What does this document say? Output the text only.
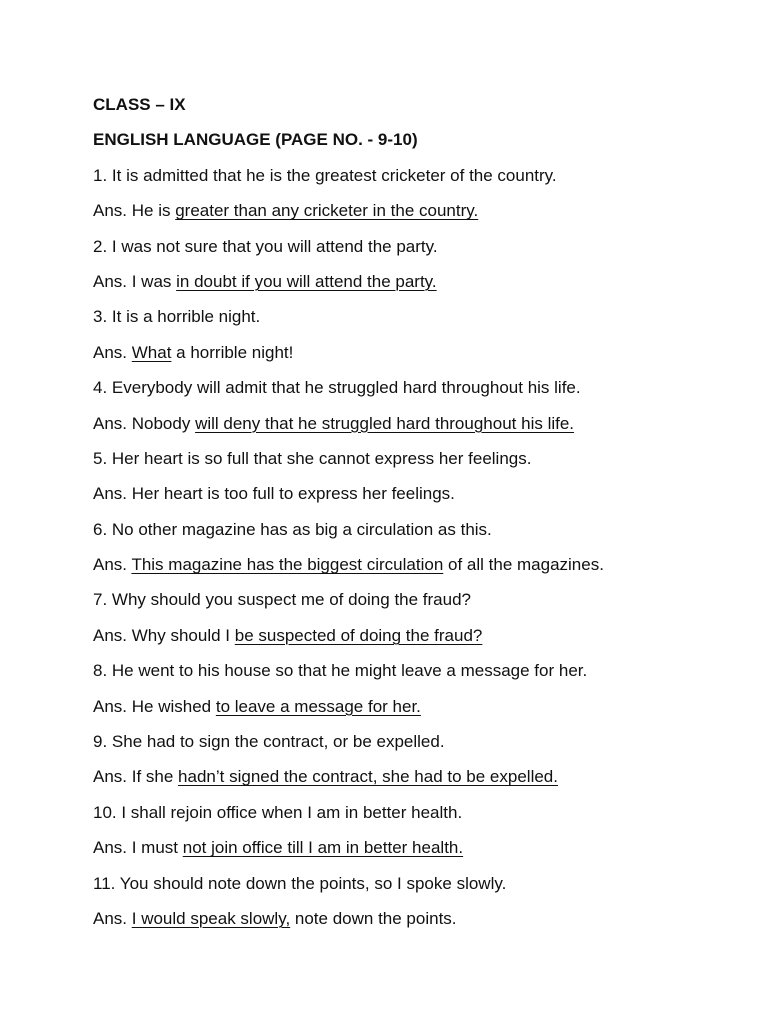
CLASS – IX
ENGLISH LANGUAGE (PAGE NO. - 9-10)
1. It is admitted that he is the greatest cricketer of the country.
Ans. He is greater than any cricketer in the country.
2. I was not sure that you will attend the party.
Ans. I was in doubt if you will attend the party.
3. It is a horrible night.
Ans. What a horrible night!
4. Everybody will admit that he struggled hard throughout his life.
Ans. Nobody will deny that he struggled hard throughout his life.
5. Her heart is so full that she cannot express her feelings.
Ans. Her heart is too full to express her feelings.
6. No other magazine has as big a circulation as this.
Ans. This magazine has the biggest circulation of all the magazines.
7. Why should you suspect me of doing the fraud?
Ans. Why should I be suspected of doing the fraud?
8. He went to his house so that he might leave a message for her.
Ans. He wished to leave a message for her.
9. She had to sign the contract, or be expelled.
Ans. If she hadn’t signed the contract, she had to be expelled.
10. I shall rejoin office when I am in better health.
Ans. I must not join office till I am in better health.
11. You should note down the points, so I spoke slowly.
Ans. I would speak slowly, note down the points.
